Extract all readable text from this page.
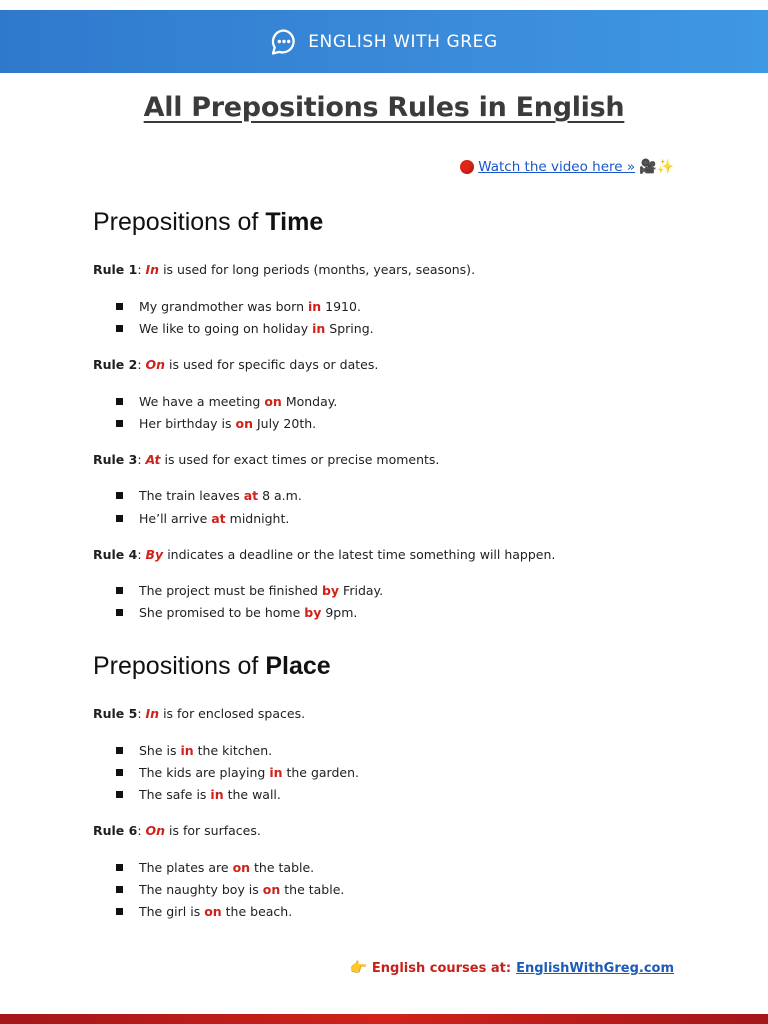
ENGLISH WITH GREG
All Prepositions Rules in English
Watch the video here » 🎥✨
Prepositions of Time
Rule 1: In is used for long periods (months, years, seasons).
My grandmother was born in 1910.
We like to going on holiday in Spring.
Rule 2: On is used for specific days or dates.
We have a meeting on Monday.
Her birthday is on July 20th.
Rule 3: At is used for exact times or precise moments.
The train leaves at 8 a.m.
He’ll arrive at midnight.
Rule 4: By indicates a deadline or the latest time something will happen.
The project must be finished by Friday.
She promised to be home by 9pm.
Prepositions of Place
Rule 5: In is for enclosed spaces.
She is in the kitchen.
The kids are playing in the garden.
The safe is in the wall.
Rule 6: On is for surfaces.
The plates are on the table.
The naughty boy is on the table.
The girl is on the beach.
👉 English courses at: EnglishWithGreg.com
